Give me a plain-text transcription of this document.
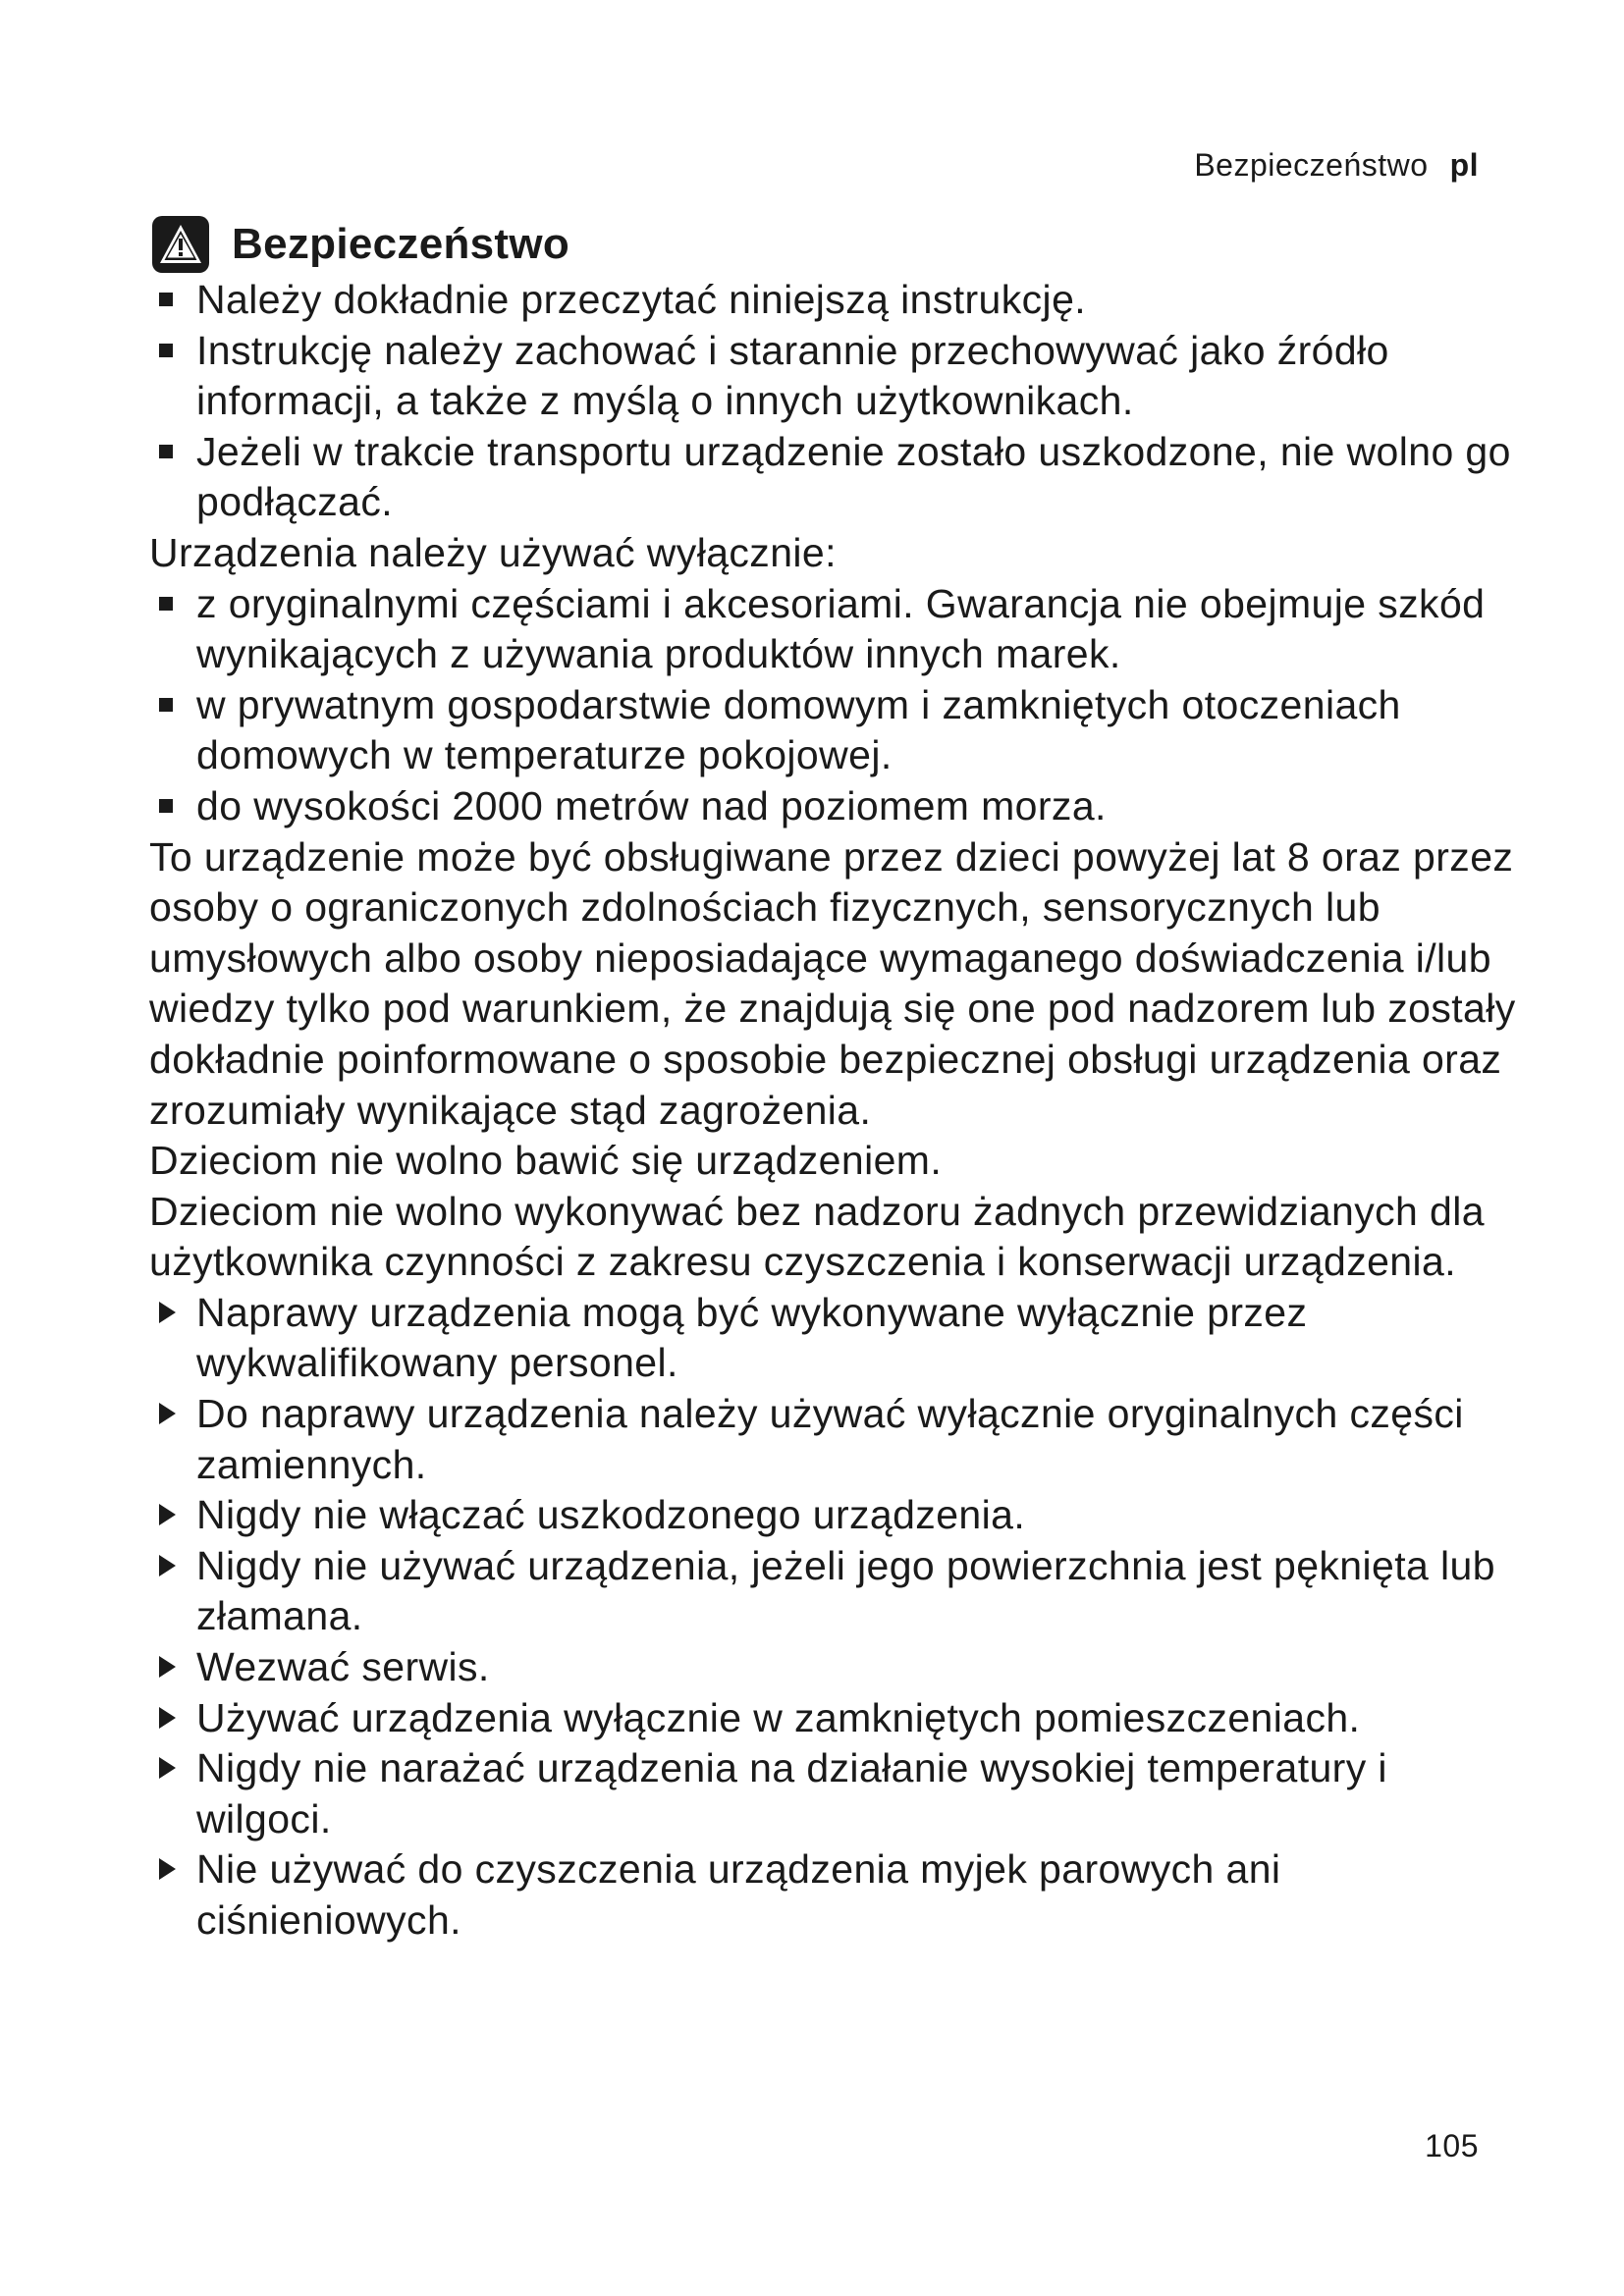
Bezpieczeństwo pl
Bezpieczeństwo
Należy dokładnie przeczytać niniejszą instrukcję.
Instrukcję należy zachować i starannie przechowywać jako źródło informacji, a także z myślą o innych użytkownikach.
Jeżeli w trakcie transportu urządzenie zostało uszkodzone, nie wolno go podłączać.

Urządzenia należy używać wyłącznie:

z oryginalnymi częściami i akcesoriami. Gwarancja nie obejmuje szkód wynikających z używania produktów innych marek.
w prywatnym gospodarstwie domowym i zamkniętych otoczeniach domowych w temperaturze pokojowej.
do wysokości 2000 metrów nad poziomem morza.

To urządzenie może być obsługiwane przez dzieci powyżej lat 8 oraz przez osoby o ograniczonych zdolnościach fizycznych, sensorycznych lub umysłowych albo osoby nieposiadające wymaganego doświadczenia i/lub wiedzy tylko pod warunkiem, że znajdują się one pod nadzorem lub zostały dokładnie poinformowane o sposobie bezpiecznej obsługi urządzenia oraz zrozumiały wynikające stąd zagrożenia.

Dzieciom nie wolno bawić się urządzeniem.

Dzieciom nie wolno wykonywać bez nadzoru żadnych przewidzianych dla użytkownika czynności z zakresu czyszczenia i konserwacji urządzenia.

Naprawy urządzenia mogą być wykonywane wyłącznie przez wykwalifikowany personel.
Do naprawy urządzenia należy używać wyłącznie oryginalnych części zamiennych.
Nigdy nie włączać uszkodzonego urządzenia.
Nigdy nie używać urządzenia, jeżeli jego powierzchnia jest pęknięta lub złamana.
Wezwać serwis.
Używać urządzenia wyłącznie w zamkniętych pomieszczeniach.
Nigdy nie narażać urządzenia na działanie wysokiej temperatury i wilgoci.
Nie używać do czyszczenia urządzenia myjek parowych ani ciśnieniowych.
105
